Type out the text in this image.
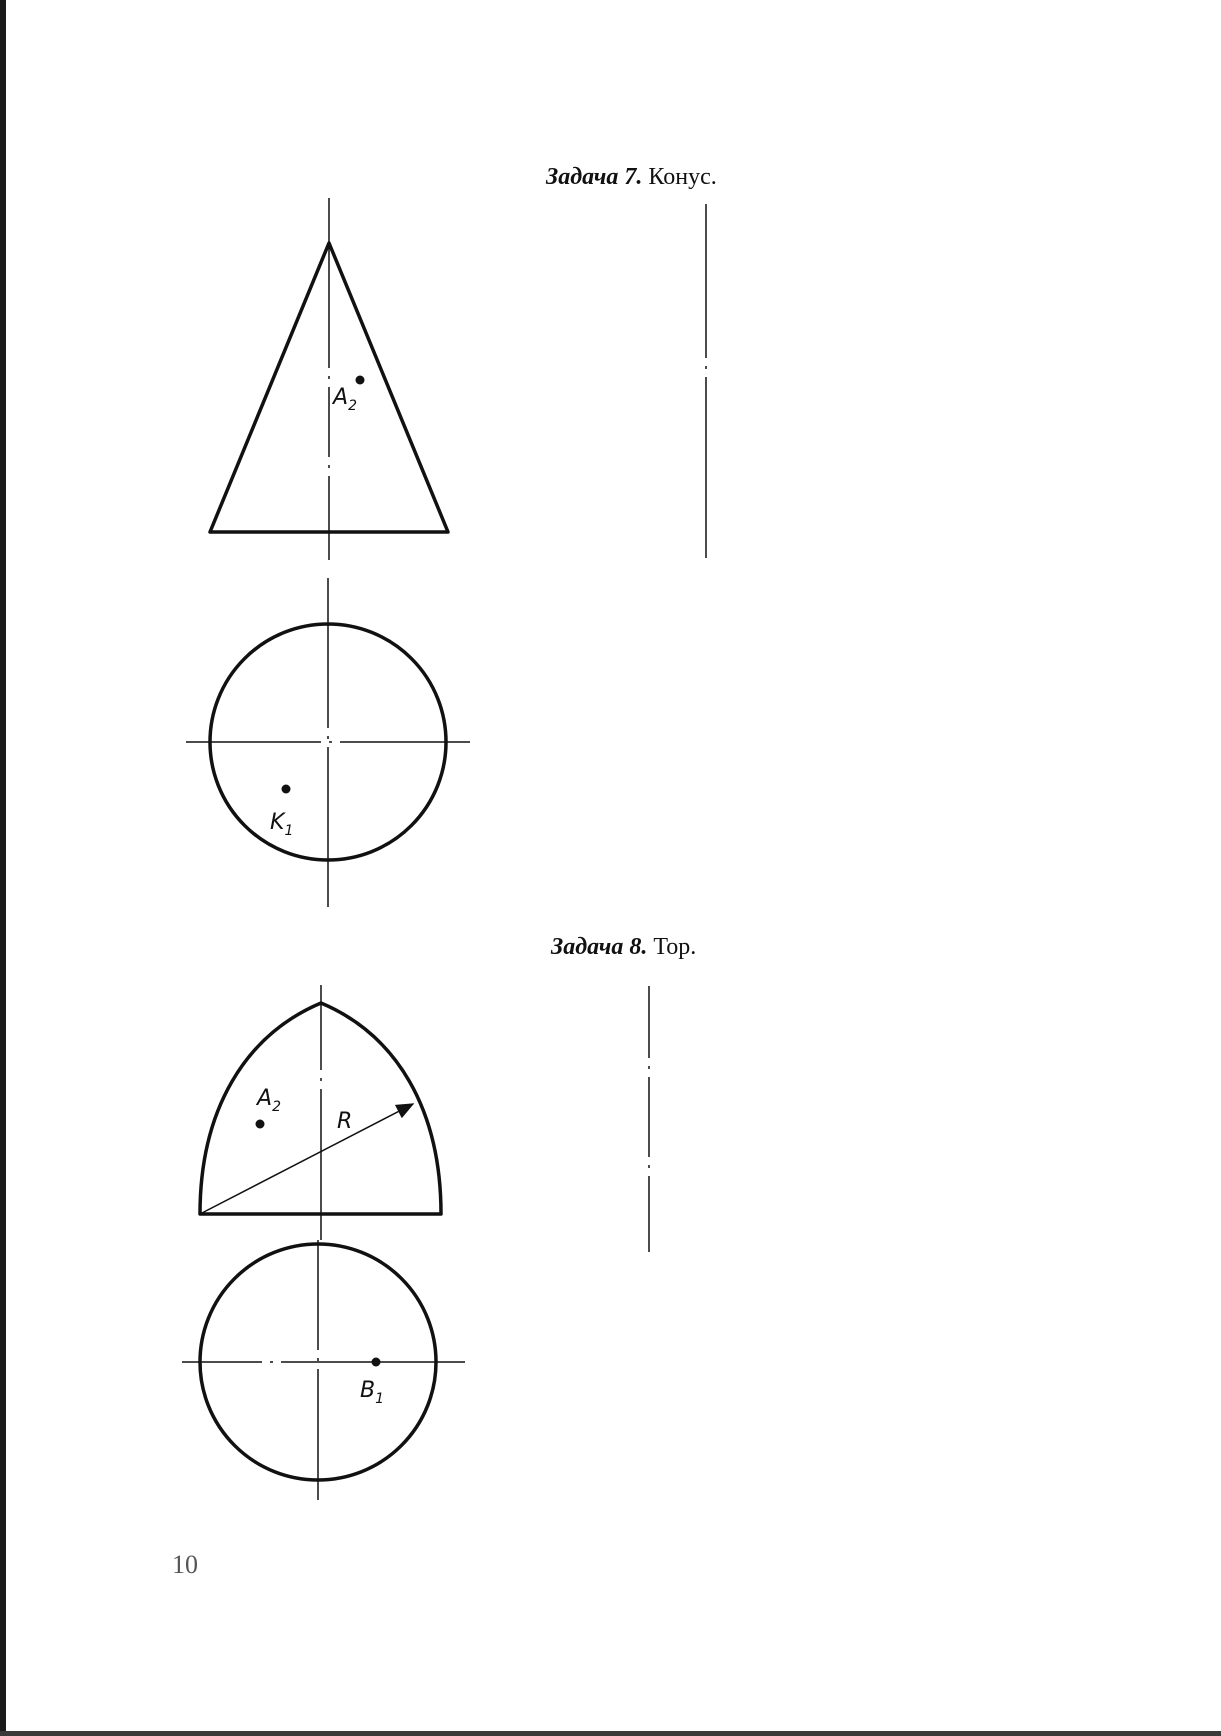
Задача 7. Конус.
Задача 8. Тор.
10
$A_2$
$K_1$
R
$A_2$
$B_1$
